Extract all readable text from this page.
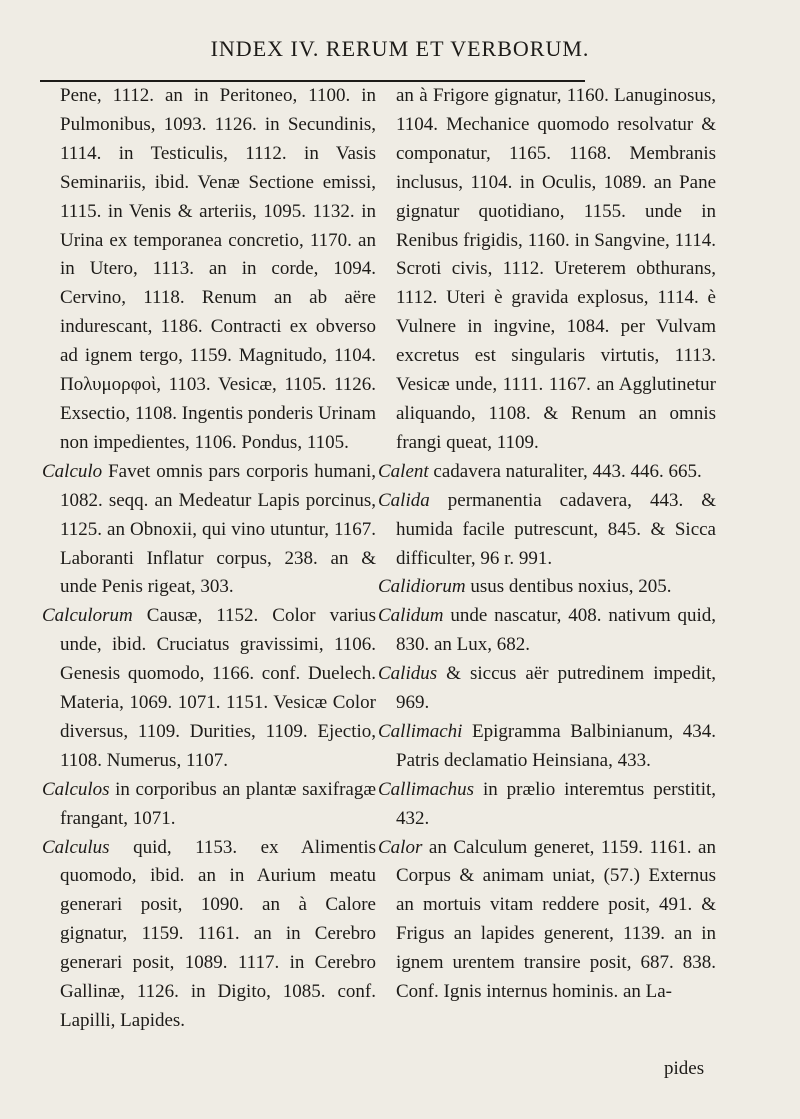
INDEX IV. RERUM ET VERBORUM.

Pene, 1112. an in Peritoneo, 1100. in Pulmonibus, 1093. 1126. in Secundinis, 1114. in Testiculis, 1112. in Vasis Seminariis, ibid. Venæ Sectione emissi, 1115. in Venis & arteriis, 1095. 1132. in Urina ex temporanea concretio, 1170. an in Utero, 1113. an in corde, 1094. Cervino, 1118. Renum an ab aëre indurescant, 1186. Contracti ex obverso ad ignem tergo, 1159. Magnitudo, 1104. Πολυμορφοὶ, 1103. Vesicæ, 1105. 1126. Exsectio, 1108. Ingentis ponderis Urinam non impedientes, 1106. Pondus, 1105.

Calculo Favet omnis pars corporis humani, 1082. seqq. an Medeatur Lapis porcinus, 1125. an Obnoxii, qui vino utuntur, 1167. Laboranti Inflatur corpus, 238. an & unde Penis rigeat, 303.

Calculorum Causæ, 1152. Color varius unde, ibid. Cruciatus gravissimi, 1106. Genesis quomodo, 1166. conf. Duelech. Materia, 1069. 1071. 1151. Vesicæ Color diversus, 1109. Durities, 1109. Ejectio, 1108. Numerus, 1107.

Calculos in corporibus an plantæ saxifragæ frangant, 1071.

Calculus quid, 1153. ex Alimentis quomodo, ibid. an in Aurium meatu generari posit, 1090. an à Calore gignatur, 1159. 1161. an in Cerebro generari posit, 1089. 1117. in Cerebro Gallinæ, 1126. in Digito, 1085. conf. Lapilli, Lapides.

an à Frigore gignatur, 1160. Lanuginosus, 1104. Mechanice quomodo resolvatur & componatur, 1165. 1168. Membranis inclusus, 1104. in Oculis, 1089. an Pane gignatur quotidiano, 1155. unde in Renibus frigidis, 1160. in Sangvine, 1114. Scroti civis, 1112. Ureterem obthurans, 1112. Uteri è gravida explosus, 1114. è Vulnere in ingvine, 1084. per Vulvam excretus est singularis virtutis, 1113. Vesicæ unde, 1111. 1167. an Agglutinetur aliquando, 1108. & Renum an omnis frangi queat, 1109.

Calent cadavera naturaliter, 443. 446. 665.

Calida permanentia cadavera, 443. & humida facile putrescunt, 845. & Sicca difficulter, 96 r. 991.

Calidiorum usus dentibus noxius, 205.

Calidum unde nascatur, 408. nativum quid, 830. an Lux, 682.

Calidus & siccus aër putredinem impedit, 969.

Callimachi Epigramma Balbinianum, 434. Patris declamatio Heinsiana, 433.

Callimachus in prælio interemtus perstitit, 432.

Calor an Calculum generet, 1159. 1161. an Corpus & animam uniat, (57.) Externus an mortuis vitam reddere posit, 491. & Frigus an lapides generent, 1139. an in ignem urentem transire posit, 687. 838. Conf. Ignis internus hominis. an La-

pides
